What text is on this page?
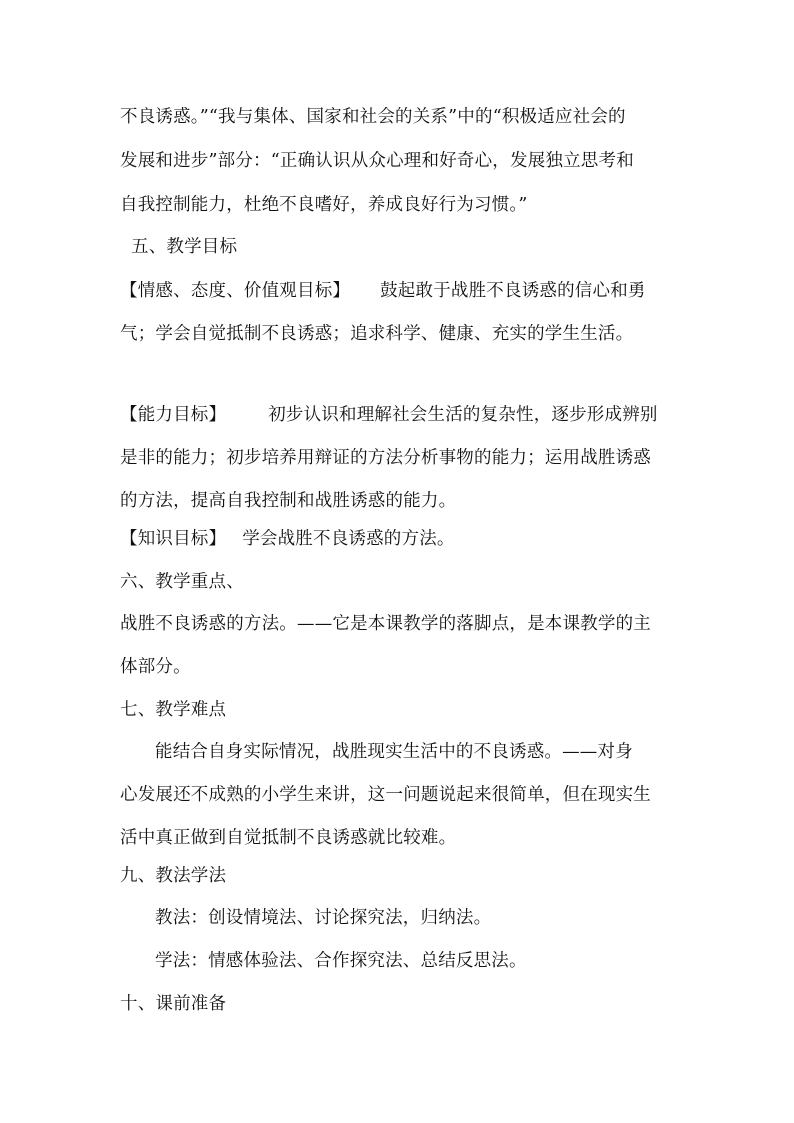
不良诱惑。”“我与集体、国家和社会的关系”中的“积极适应社会的
发展和进步”部分：“正确认识从众心理和好奇心，发展独立思考和
自我控制能力，杜绝不良嗜好，养成良好行为习惯。”
五、教学目标
【情感、态度、价值观目标】 鼓起敢于战胜不良诱惑的信心和勇
气；学会自觉抵制不良诱惑；追求科学、健康、充实的学生生活。
【能力目标】 初步认识和理解社会生活的复杂性，逐步形成辨别
是非的能力；初步培养用辩证的方法分析事物的能力；运用战胜诱惑
的方法，提高自我控制和战胜诱惑的能力。
【知识目标】 学会战胜不良诱惑的方法。
六、教学重点、
战胜不良诱惑的方法。——它是本课教学的落脚点，是本课教学的主
体部分。
七、教学难点
能结合自身实际情况，战胜现实生活中的不良诱惑。——对身
心发展还不成熟的小学生来讲，这一问题说起来很简单，但在现实生
活中真正做到自觉抵制不良诱惑就比较难。
九、教法学法
教法：创设情境法、讨论探究法，归纳法。
学法：情感体验法、合作探究法、总结反思法。
十、课前准备
